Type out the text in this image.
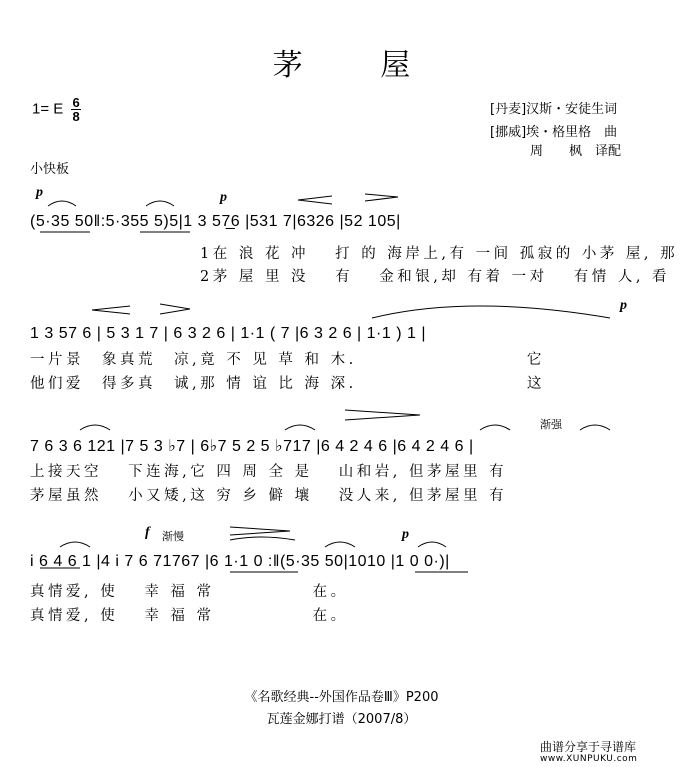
茅 屋
1= E $\frac{6}{8}$	[丹麦]汉斯・安徒生词
[挪威]埃・格里格　曲
周　　枫　译配
小快板
p	p
p
渐强
f 渐慢	p
(5·35 50‖:5·355 5)5|1 3 57̲6 |531 7|6326 |52 105|
1在 浪 花 冲　 打 的 海岸上,有 一间 孤寂的 小茅 屋, 那
2茅 屋 里 没　 有　 金和银,却 有着 一对　 有情 人, 看
1 3 57 6 | 5 3 1 7 | 6 3 2 6 | 1·1 ( 7 |6 3 2 6 | 1·1 ) 1 |
一片景　象真荒　凉,竟 不 见 草 和 木.　　　　　　　　　 它
他们爱　得多真　诚,那 情 谊 比 海 深.　　　　　　　　　 这
7 6 3 6 121 |7 5 3 ♭7 | 6♭7 5 2 5 ♭717 |6 4 2 4 6 |6 4 2 4 6 |
上接天空　 下连海,它 四 周 全 是　 山和岩, 但茅屋里 有
茅屋虽然　 小又矮,这 穷 乡 僻 壤　 没人来, 但茅屋里 有
i 6 4 6 1 |4 i 7 6 71767 |6 1·1 0 :‖(5·35 50|1010 |1 0 0·)|
真情爱, 使　 幸 福 常　　　　　 在。
真情爱, 使　 幸 福 常　　　　　 在。
《名歌经典--外国作品卷Ⅲ》P200
瓦莲金娜打谱（2007/8）
曲谱分享于寻谱库
www.XUNPUKU.com
